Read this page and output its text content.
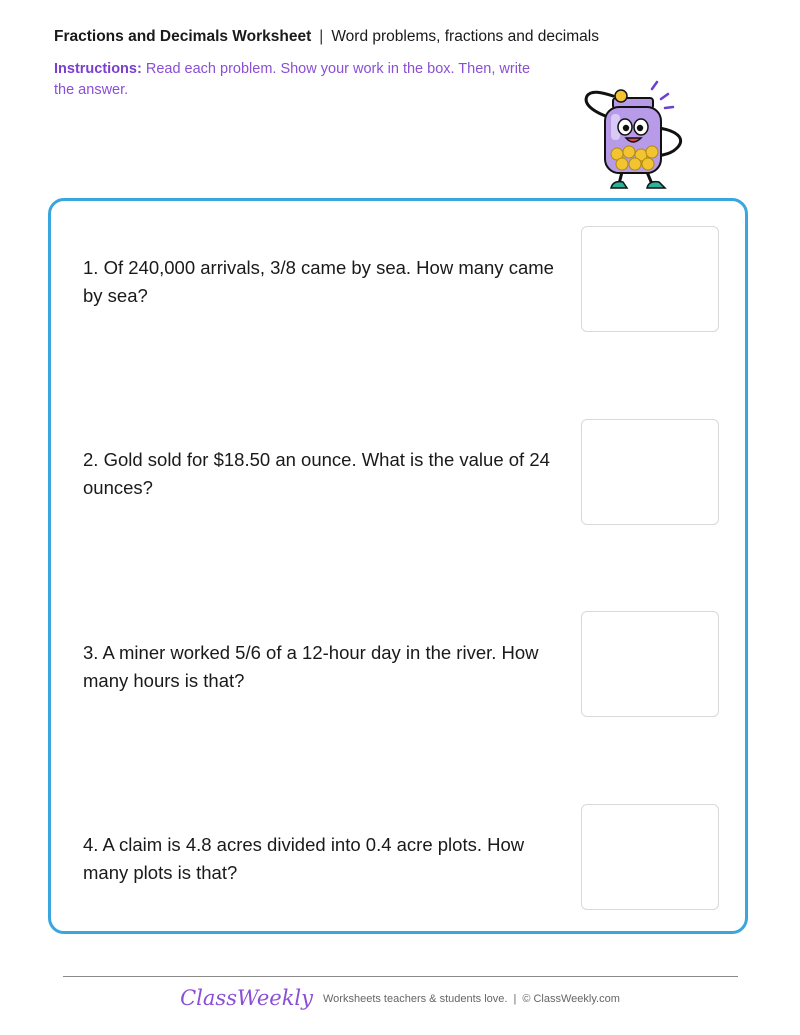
Fractions and Decimals Worksheet | Word problems, fractions and decimals
Instructions: Read each problem. Show your work in the box. Then, write the answer.
1. Of 240,000 arrivals, 3/8 came by sea. How many came by sea?
2. Gold sold for $18.50 an ounce. What is the value of 24 ounces?
3. A miner worked 5/6 of a 12-hour day in the river. How many hours is that?
4. A claim is 4.8 acres divided into 0.4 acre plots. How many plots is that?
ClassWeekly Worksheets teachers & students love. | © ClassWeekly.com
